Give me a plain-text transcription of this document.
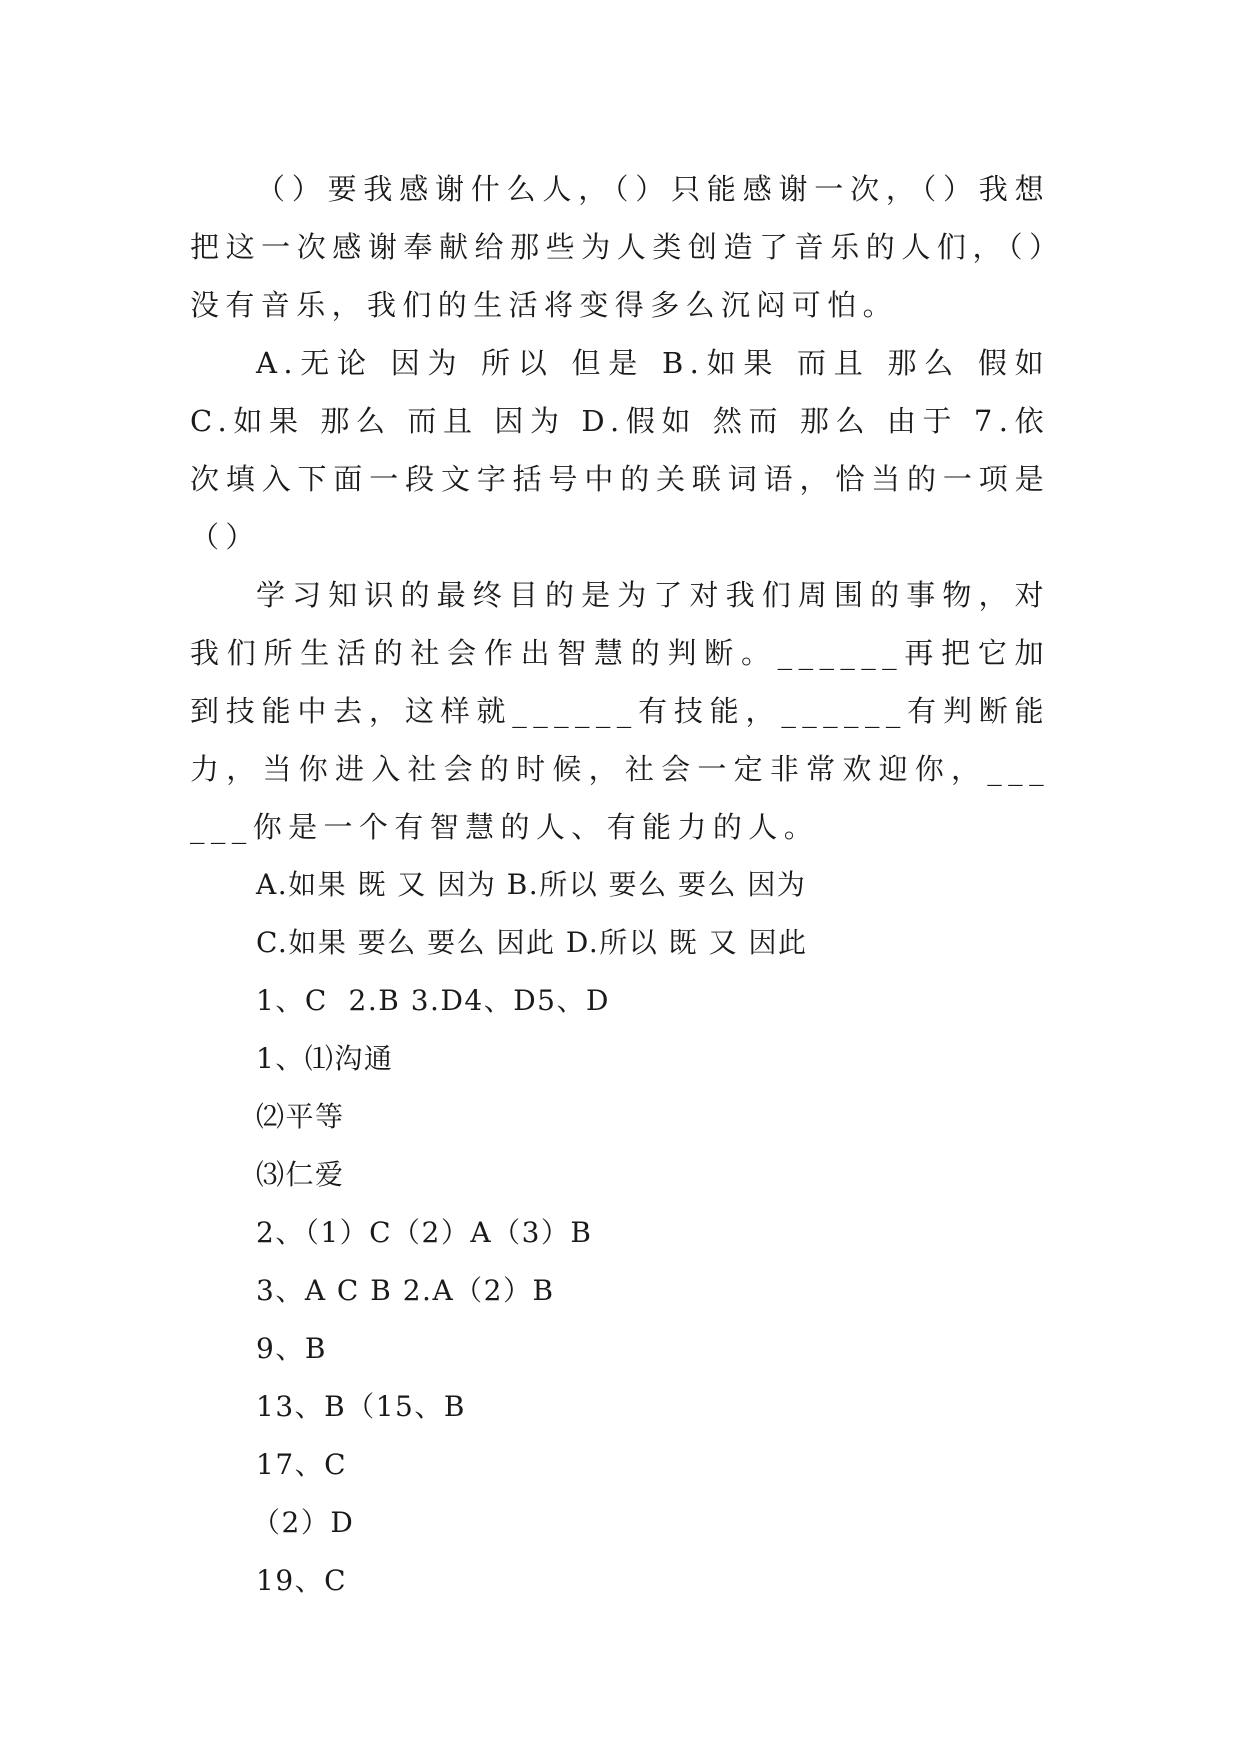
（）要我感谢什么人，（）只能感谢一次，（）我想把这一次感谢奉献给那些为人类创造了音乐的人们，（）没有音乐，我们的生活将变得多么沉闷可怕。

A.无论 因为 所以 但是 B.如果 而且 那么 假如 C.如果 那么 而且 因为 D.假如 然而 那么 由于 7.依次填入下面一段文字括号中的关联词语，恰当的一项是（）

学习知识的最终目的是为了对我们周围的事物，对我们所生活的社会作出智慧的判断。______再把它加到技能中去，这样就______有技能，______有判断能力，当你进入社会的时候，社会一定非常欢迎你，______你是一个有智慧的人、有能力的人。

A.如果 既 又 因为 B.所以 要么 要么 因为

C.如果 要么 要么 因此 D.所以 既 又 因此

1、C  2.B 3.D4、D5、D

1、⑴沟通

⑵平等

⑶仁爱

2、（1）C（2）A（3）B

3、A C B 2.A（2）B

9、B

13、B（15、B

17、C

（2）D

19、C
